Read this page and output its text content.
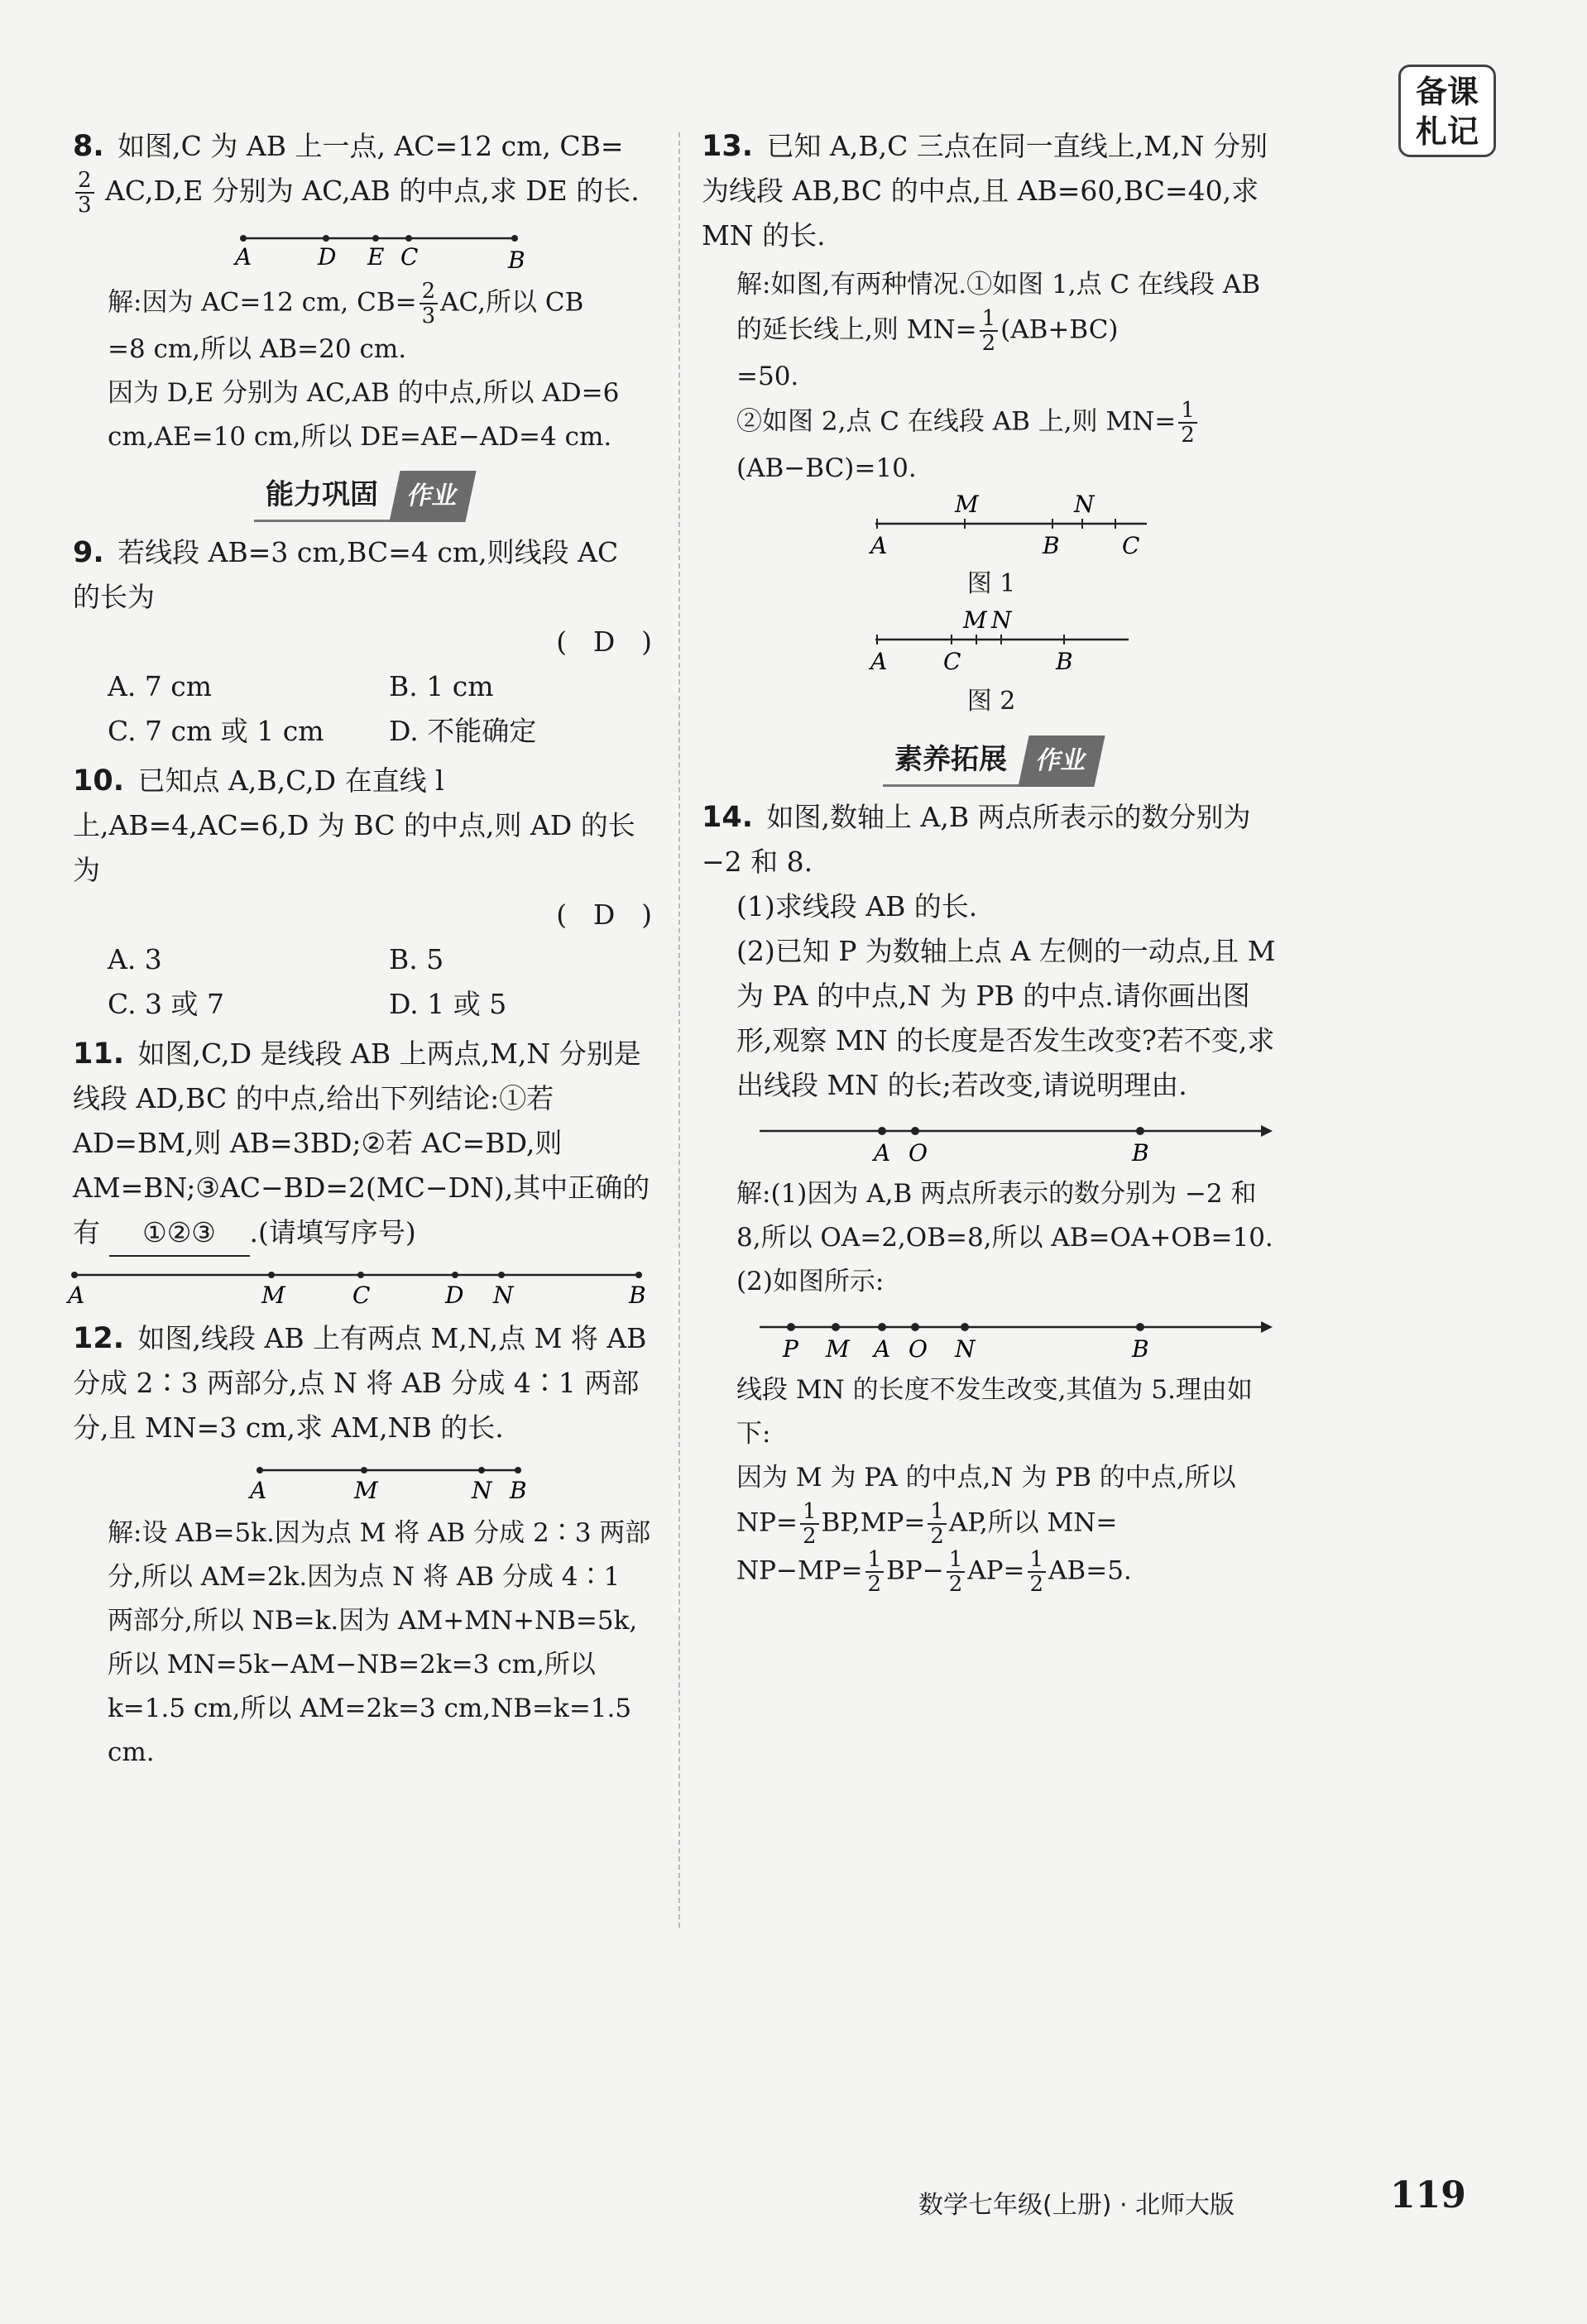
备课
札记
8. 如图,C 为 AB 上一点, AC=12 cm, CB=
$\frac{2}{3} AC,D,E$ 分别为 AC,AB 的中点,求 DE 的长.
A	D E C	B
解:因为 AC=12 cm, $CB= \frac{2}{3}$ AC,所以 CB
=8 cm,所以 AB=20 cm.
因为 D,E 分别为 AC,AB 的中点,所以 AD=6 cm,AE=10 cm,所以 DE=AE−AD=4 cm.
能力巩固	作业
9. 若线段 AB=3 cm,BC=4 cm,则线段 AC 的长为
( D )
A. 7 cm	B. 1 cm
C. 7 cm 或 1 cm	D. 不能确定
10. 已知点 A,B,C,D 在直线 l 上,AB=4,AC=6,D 为 BC 的中点,则 AD 的长为
( D )
A. 3	B. 5
C. 3 或 7	D. 1 或 5
11. 如图,C,D 是线段 AB 上两点,M,N 分别是线段 AD,BC 的中点,给出下列结论:①若 AD=BM,则 AB=3BD;②若 AC=BD,则 AM=BN;③AC−BD=2(MC−DN),其中正确的有 ①②③ .(请填写序号)
A	M	C	D N	B
12. 如图,线段 AB 上有两点 M,N,点 M 将 AB 分成 2∶3 两部分,点 N 将 AB 分成 4∶1 两部分,且 MN=3 cm,求 AM,NB 的长.
A	M	N B
解:设 AB=5k.因为点 M 将 AB 分成 2∶3 两部分,所以 AM=2k.因为点 N 将 AB 分成 4∶1 两部分,所以 NB=k.因为 AM+MN+NB=5k,所以 MN=5k−AM−NB=2k=3 cm,所以 k=1.5 cm,所以 AM=2k=3 cm,NB=k=1.5 cm.
13. 已知 A,B,C 三点在同一直线上,M,N 分别为线段 AB,BC 的中点,且 AB=60,BC=40,求 MN 的长.
解:如图,有两种情况.①如图 1,点 C 在线段 AB 的延长线上,则 $MN= \frac{1}{2} (AB+BC)$
=50.
②如图 2,点 C 在线段 AB 上,则 $MN= \frac{1}{2}$
(AB−BC)=10.
A
M
B
N
C
图 1
A C
M N
B
图 2
素养拓展	作业
14. 如图,数轴上 A,B 两点所表示的数分别为 −2 和 8.
(1)求线段 AB 的长.
(2)已知 P 为数轴上点 A 左侧的一动点,且 M 为 PA 的中点,N 为 PB 的中点.请你画出图形,观察 MN 的长度是否发生改变?若不变,求出线段 MN 的长;若改变,请说明理由.
A O	B
解:(1)因为 A,B 两点所表示的数分别为 −2 和 8,所以 OA=2,OB=8,所以 AB=OA+OB=10.
(2)如图所示:
P M A O N	B
线段 MN 的长度不发生改变,其值为 5.理由如下:
因为 M 为 PA 的中点,N 为 PB 的中点,所以 $NP= \frac{1}{2} BP,MP= \frac{1}{2}$ AP,所以 MN=
$NP-MP= \frac{1}{2} BP- \frac{1}{2} AP= \frac{1}{2} AB=5$.
数学七年级(上册) · 北师大版	119
